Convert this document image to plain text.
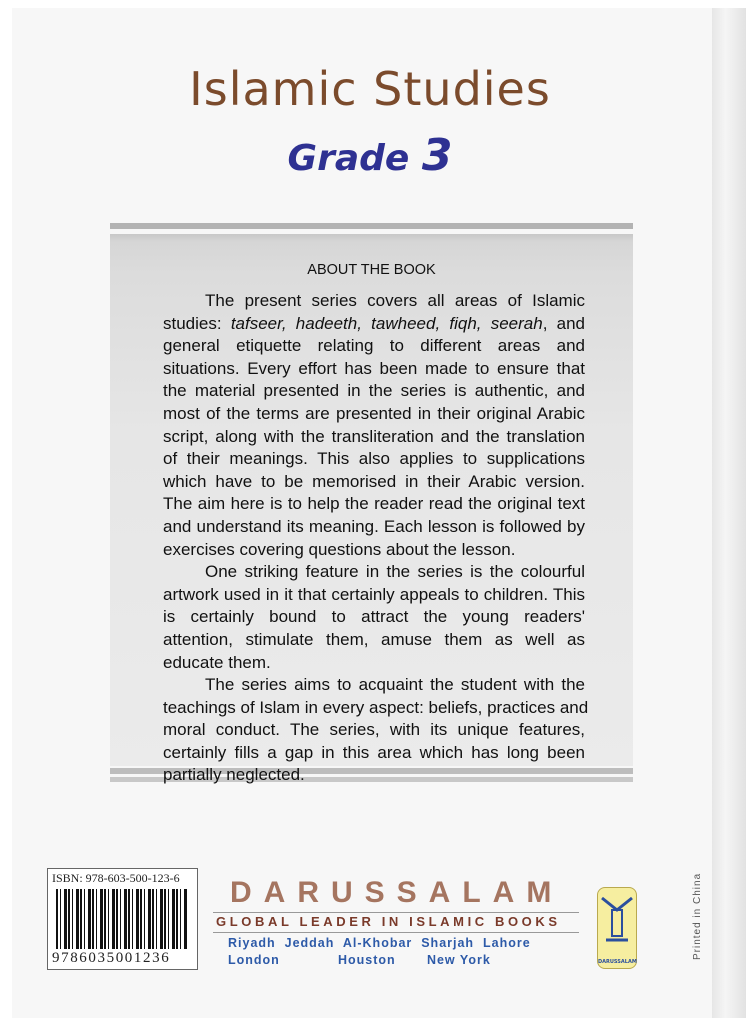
Islamic Studies
Grade 3
ABOUT THE BOOK
The present series covers all areas of Islamic
studies: tafseer, hadeeth, tawheed, fiqh, seerah, and
general etiquette relating to different areas and
situations. Every effort has been made to ensure that
the material presented in the series is authentic, and
most of the terms are presented in their original Arabic
script, along with the transliteration and the translation
of their meanings. This also applies to supplications
which have to be memorised in their Arabic version.
The aim here is to help the reader read the original text
and understand its meaning. Each lesson is followed by
exercises covering questions about the lesson.
One striking feature in the series is the colourful
artwork used in it that certainly appeals to children. This
is certainly bound to attract the young readers'
attention, stimulate them, amuse them as well as
educate them.
The series aims to acquaint the student with the
teachings of Islam in every aspect: beliefs, practices and
moral conduct. The series, with its unique features,
certainly fills a gap in this area which has long been
partially neglected.
ISBN: 978-603-500-123-6
9786035001236
DARUSSALAM
GLOBAL LEADER IN ISLAMIC BOOKS
Riyadh  Jeddah  Al-Khobar  Sharjah  Lahore
London             Houston       New York	DARUSSALAM
Printed in China
